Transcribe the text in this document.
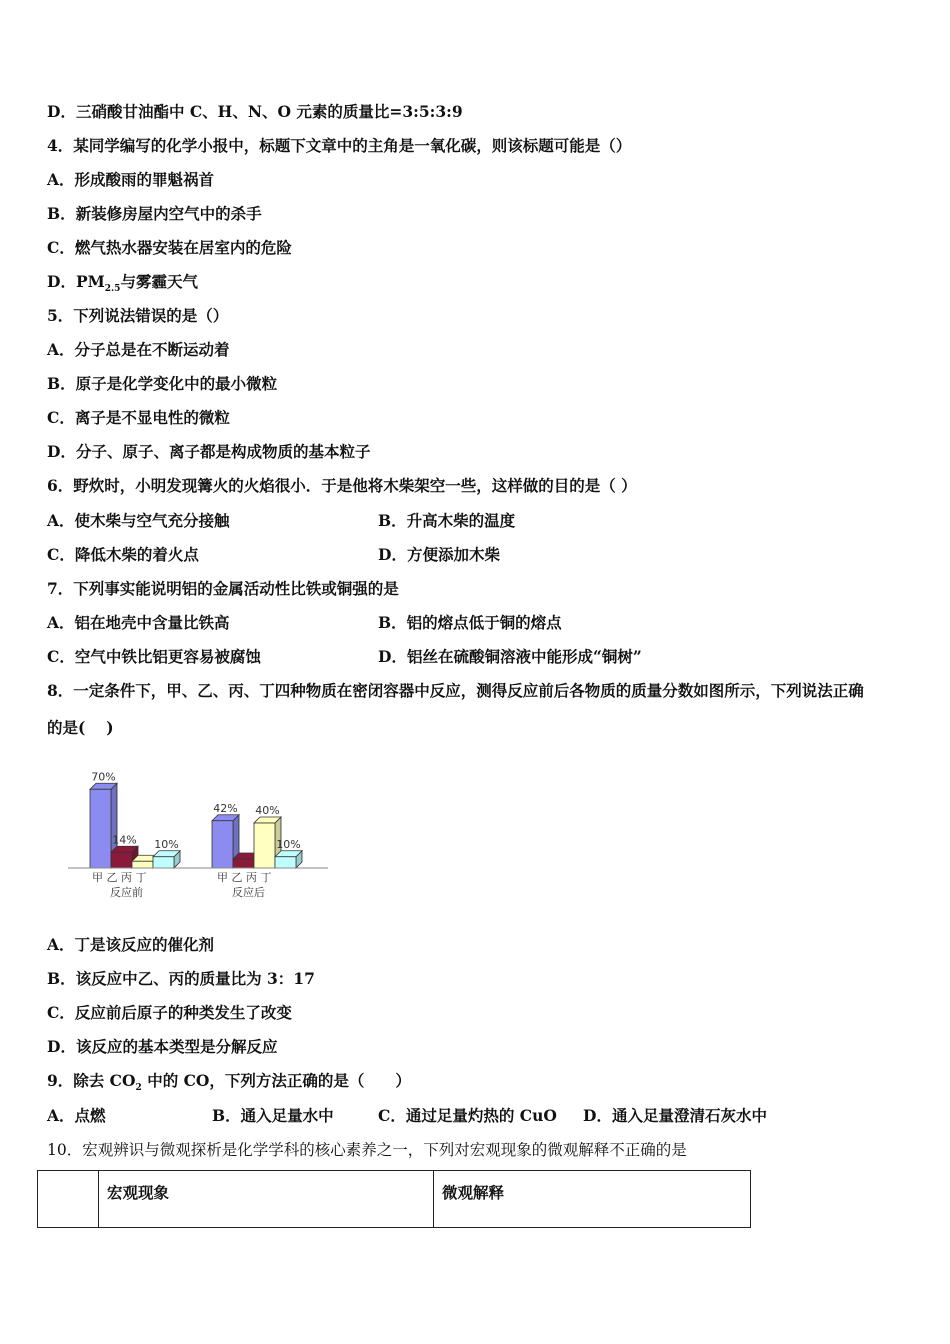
D．三硝酸甘油酯中 C、H、N、O 元素的质量比=3:5:3:9
4．某同学编写的化学小报中，标题下文章中的主角是一氧化碳，则该标题可能是（）
A．形成酸雨的罪魁祸首
B．新装修房屋内空气中的杀手
C．燃气热水器安装在居室内的危险
D．$PM_{2.5}$与雾霾天气
5．下列说法错误的是（）
A．分子总是在不断运动着
B．原子是化学变化中的最小微粒
C．离子是不显电性的微粒
D．分子、原子、离子都是构成物质的基本粒子
6．野炊时，小明发现篝火的火焰很小．于是他将木柴架空一些，这样做的目的是（ ）
A．使木柴与空气充分接触	B．升高木柴的温度
C．降低木柴的着火点	D．方便添加木柴
7．下列事实能说明铝的金属活动性比铁或铜强的是
A．铝在地壳中含量比铁高	B．铝的熔点低于铜的熔点
C．空气中铁比铝更容易被腐蚀	D．铝丝在硫酸铜溶液中能形成“铜树”
8．一定条件下，甲、乙、丙、丁四种物质在密闭容器中反应，测得反应前后各物质的质量分数如图所示，下列说法正确
的是(　 )
70%
14% 10%
42% 40%
10%
甲 乙 丙 丁
反应前
甲 乙 丙 丁
反应后
A．丁是该反应的催化剂
B．该反应中乙、丙的质量比为 3：17
C．反应前后原子的种类发生了改变
D．该反应的基本类型是分解反应
9．除去 $CO_2$ 中的 CO，下列方法正确的是（　　）
A．点燃	B．通入足量水中	C．通过足量灼热的 CuO D．通入足量澄清石灰水中
10．宏观辨识与微观探析是化学学科的核心素养之一，下列对宏观现象的微观解释不正确的是
	宏观现象	微观解释
